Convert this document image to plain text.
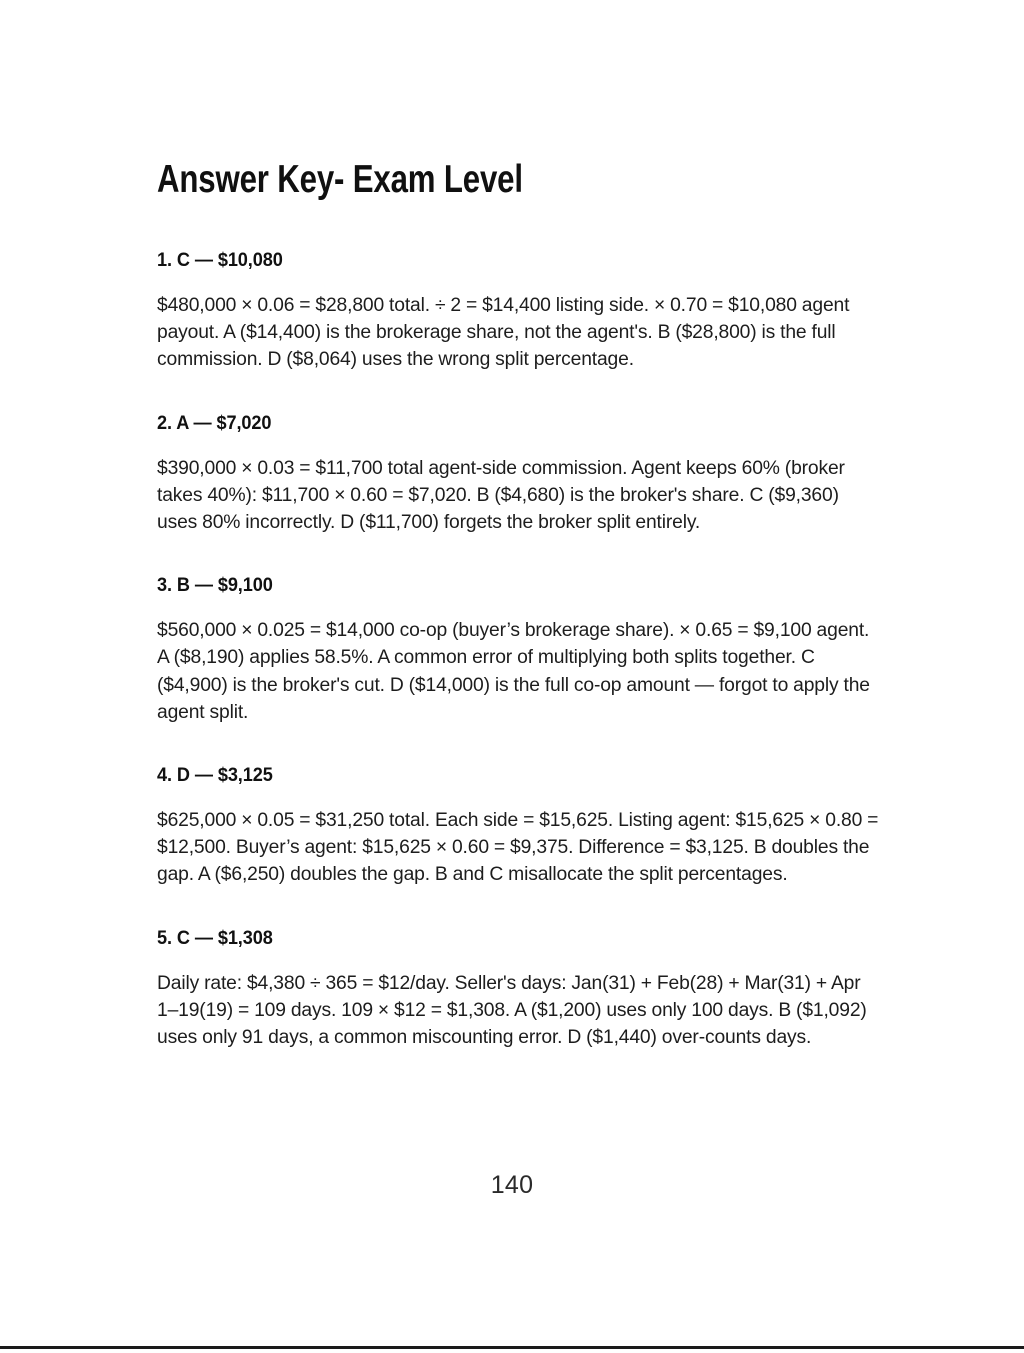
Answer Key- Exam Level
1. C — $10,080

$480,000 × 0.06 = $28,800 total. ÷ 2 = $14,400 listing side. × 0.70 = $10,080 agent payout. A ($14,400) is the brokerage share, not the agent's. B ($28,800) is the full commission. D ($8,064) uses the wrong split percentage.

2. A — $7,020

$390,000 × 0.03 = $11,700 total agent-side commission. Agent keeps 60% (broker takes 40%): $11,700 × 0.60 = $7,020. B ($4,680) is the broker's share. C ($9,360) uses 80% incorrectly. D ($11,700) forgets the broker split entirely.

3. B — $9,100

$560,000 × 0.025 = $14,000 co-op (buyer’s brokerage share). × 0.65 = $9,100 agent. A ($8,190) applies 58.5%. A common error of multiplying both splits together. C ($4,900) is the broker's cut. D ($14,000) is the full co-op amount — forgot to apply the agent split.

4. D — $3,125

$625,000 × 0.05 = $31,250 total. Each side = $15,625. Listing agent: $15,625 × 0.80 = $12,500. Buyer’s agent: $15,625 × 0.60 = $9,375. Difference = $3,125. B doubles the gap. A ($6,250) doubles the gap. B and C misallocate the split percentages.

5. C — $1,308

Daily rate: $4,380 ÷ 365 = $12/day. Seller's days: Jan(31) + Feb(28) + Mar(31) + Apr 1–19(19) = 109 days. 109 × $12 = $1,308. A ($1,200) uses only 100 days. B ($1,092) uses only 91 days, a common miscounting error. D ($1,440) over-counts days.

140
